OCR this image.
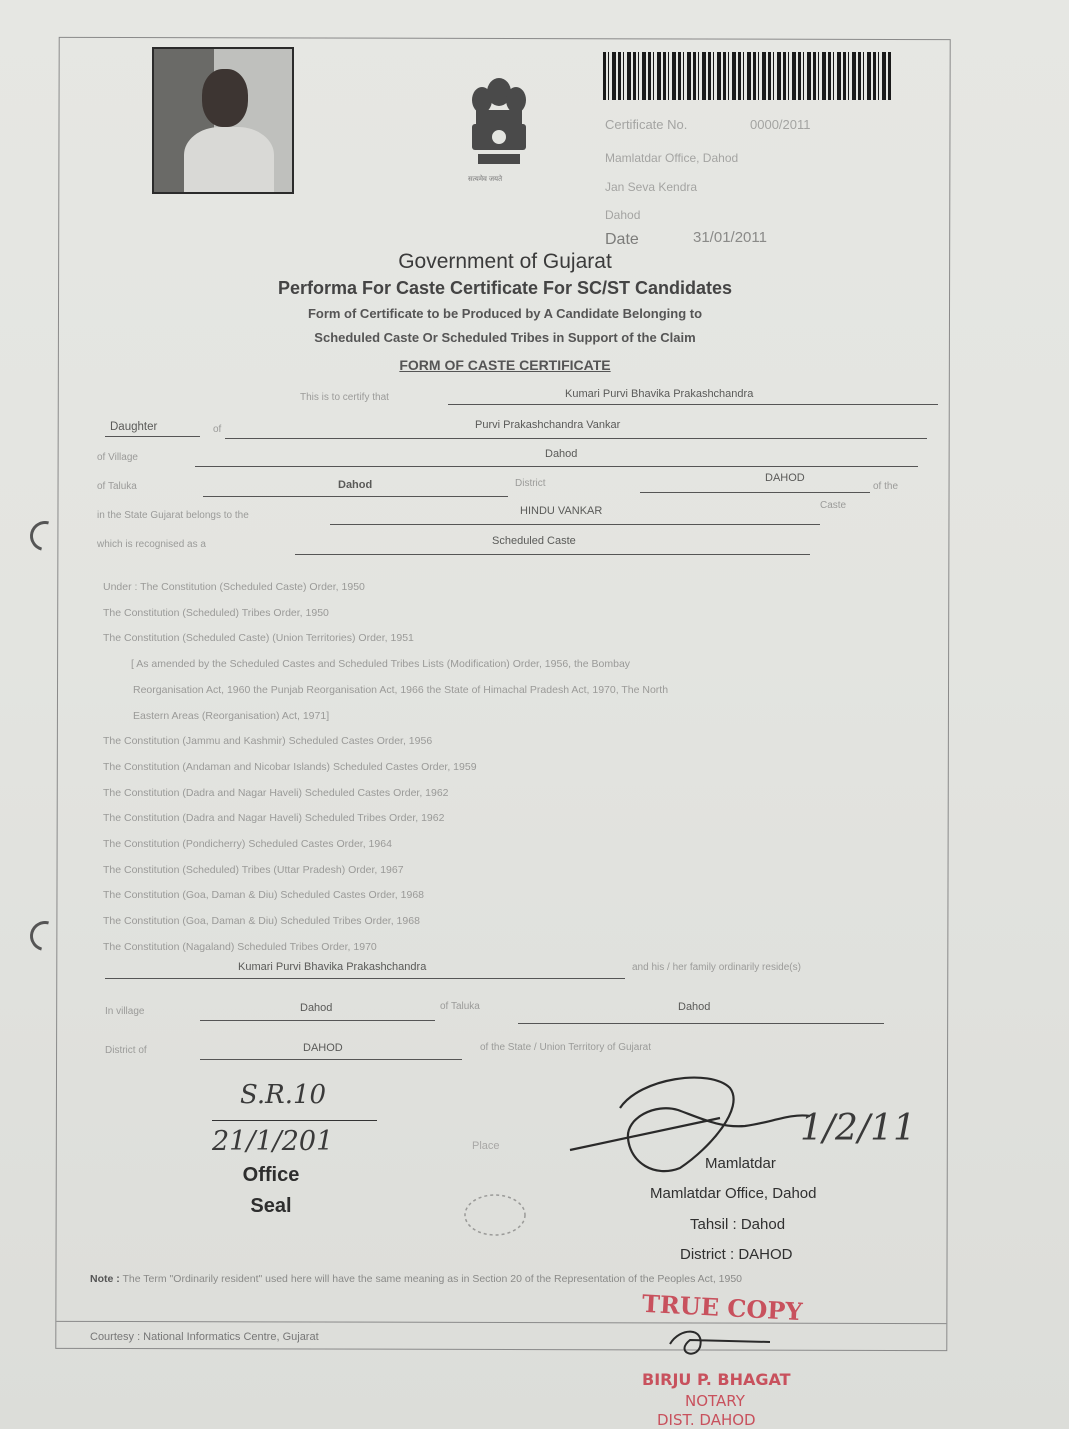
सत्यमेव जयते
Certificate No.	0000/2011
Mamlatdar Office, Dahod
Jan Seva Kendra
Dahod
Date	31/01/2011
Government of Gujarat
Performa For Caste Certificate For SC/ST Candidates
Form of Certificate to be Produced by A Candidate Belonging to
Scheduled Caste Or Scheduled Tribes in Support of the Claim
FORM OF CASTE CERTIFICATE
This is to certify that	Kumari Purvi Bhavika Prakashchandra
Daughter	of	Purvi Prakashchandra Vankar
of Village	Dahod
of Taluka	Dahod	District	DAHOD
of the
in the State Gujarat belongs to the	HINDU VANKAR	Caste
which is recognised as a	Scheduled Caste
Under : The Constitution (Scheduled Caste) Order, 1950
The Constitution (Scheduled) Tribes Order, 1950
The Constitution (Scheduled Caste) (Union Territories) Order, 1951
[ As amended by the Scheduled Castes and Scheduled Tribes Lists (Modification) Order, 1956, the Bombay
Reorganisation Act, 1960 the Punjab Reorganisation Act, 1966 the State of Himachal Pradesh Act, 1970, The North
Eastern Areas (Reorganisation) Act, 1971]
The Constitution (Jammu and Kashmir) Scheduled Castes Order, 1956
The Constitution (Andaman and Nicobar Islands) Scheduled Castes Order, 1959
The Constitution (Dadra and Nagar Haveli) Scheduled Castes Order, 1962
The Constitution (Dadra and Nagar Haveli) Scheduled Tribes Order, 1962
The Constitution (Pondicherry) Scheduled Castes Order, 1964
The Constitution (Scheduled) Tribes (Uttar Pradesh) Order, 1967
The Constitution (Goa, Daman & Diu) Scheduled Castes Order, 1968
The Constitution (Goa, Daman & Diu) Scheduled Tribes Order, 1968
The Constitution (Nagaland) Scheduled Tribes Order, 1970
Kumari Purvi Bhavika Prakashchandra	and his / her family ordinarily reside(s)
In village	Dahod	of Taluka	Dahod
District of	DAHOD	of the State / Union Territory of Gujarat
S.R.10
21/1/201
Office
Seal
Place	1/2/11
Mamlatdar
Mamlatdar Office, Dahod
Tahsil : Dahod
District : DAHOD
Note : The Term "Ordinarily resident" used here will have the same meaning as in Section 20 of the Representation of the Peoples Act, 1950
Courtesy : National Informatics Centre, Gujarat
TRUE COPY
BIRJU P. BHAGAT
NOTARY
DIST. DAHOD
